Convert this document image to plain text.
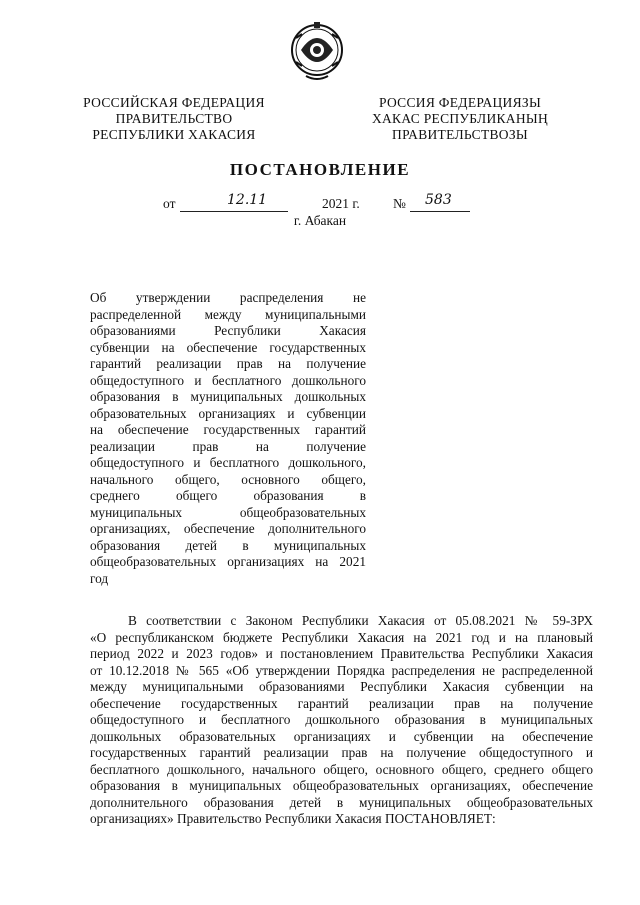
РОССИЙСКАЯ ФЕДЕРАЦИЯ
ПРАВИТЕЛЬСТВО
РЕСПУБЛИКИ ХАКАСИЯ
РОССИЯ ФЕДЕРАЦИЯЗЫ
ХАКАС РЕСПУБЛИКАНЫҢ
ПРАВИТЕЛЬСТВОЗЫ
ПОСТАНОВЛЕНИЕ
от	12.11	2021 г. № 583
г. Абакан
Об утверждении распределения не
распределенной между муниципальными
образованиями Республики Хакасия
субвенции на обеспечение государственных
гарантий реализации прав на получение
общедоступного и бесплатного дошкольного
образования в муниципальных дошкольных
образовательных организациях и субвенции
на обеспечение государственных гарантий
реализации прав на получение
общедоступного и бесплатного дошкольного,
начального общего, основного общего,
среднего общего образования в
муниципальных общеобразовательных
организациях, обеспечение дополнительного
образования детей в муниципальных
общеобразовательных организациях на 2021
год
В соответствии с Законом Республики Хакасия от 05.08.2021 № 59-ЗРХ
«О республиканском бюджете Республики Хакасия на 2021 год и на плановый
период 2022 и 2023 годов» и постановлением Правительства Республики Хакасия
от 10.12.2018 № 565 «Об утверждении Порядка распределения не распределенной
между муниципальными образованиями Республики Хакасия субвенции на
обеспечение государственных гарантий реализации прав на получение
общедоступного и бесплатного дошкольного образования в муниципальных
дошкольных образовательных организациях и субвенции на обеспечение
государственных гарантий реализации прав на получение общедоступного и
бесплатного дошкольного, начального общего, основного общего, среднего общего
образования в муниципальных общеобразовательных организациях, обеспечение
дополнительного образования детей в муниципальных общеобразовательных
организациях» Правительство Республики Хакасия ПОСТАНОВЛЯЕТ:
